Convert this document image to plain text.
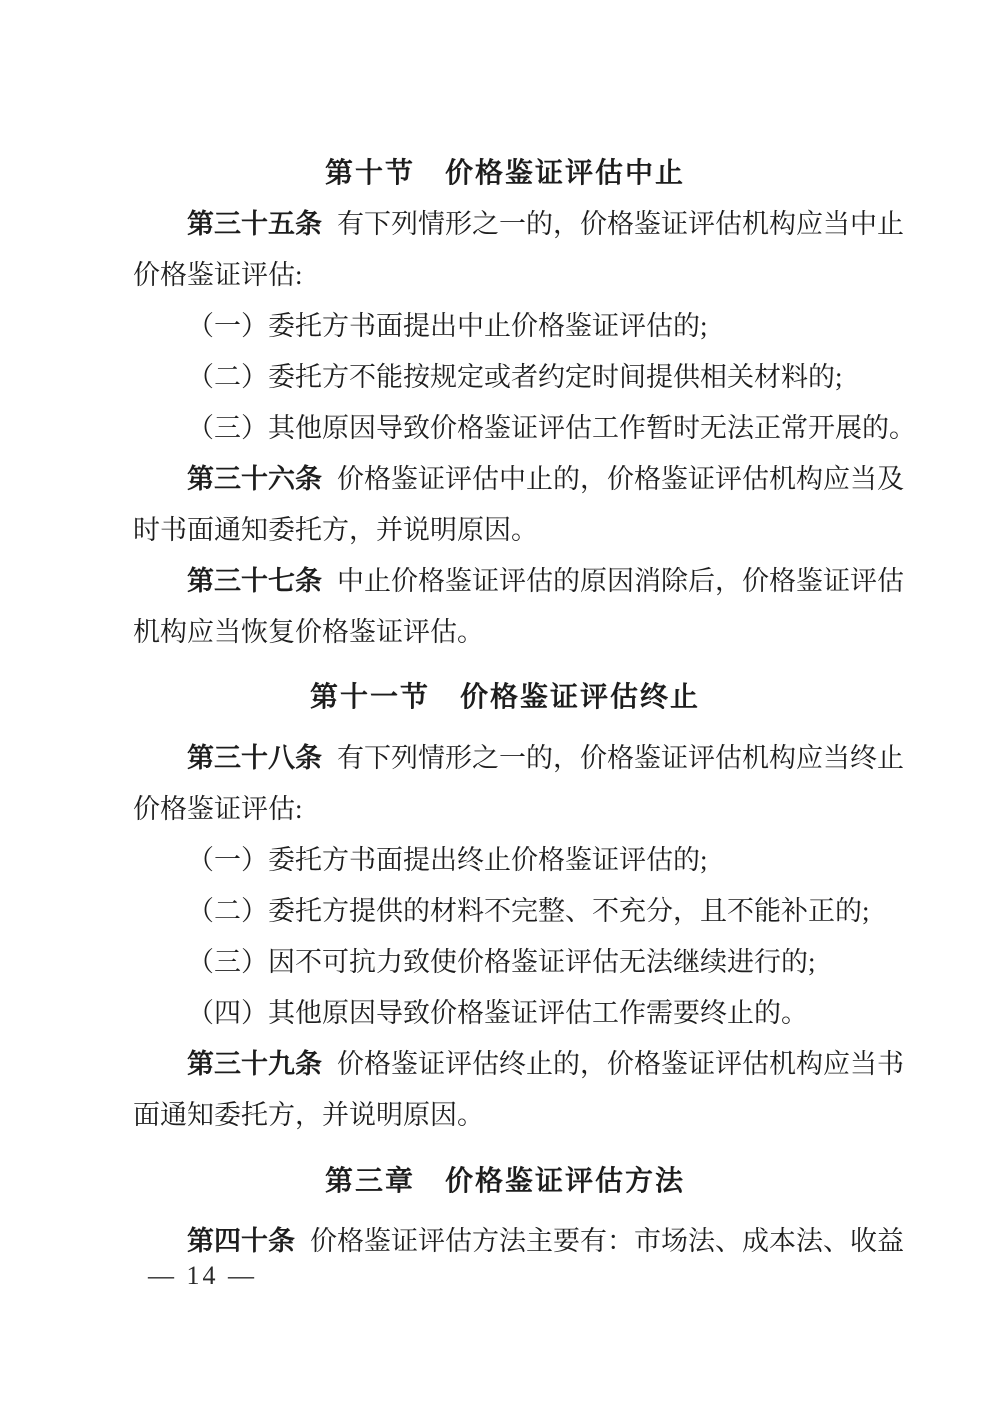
第十节　价格鉴证评估中止
第三十五条 有下列情形之一的，价格鉴证评估机构应当中止
价格鉴证评估:
（一）委托方书面提出中止价格鉴证评估的;
（二）委托方不能按规定或者约定时间提供相关材料的;
（三）其他原因导致价格鉴证评估工作暂时无法正常开展的。
第三十六条 价格鉴证评估中止的，价格鉴证评估机构应当及
时书面通知委托方，并说明原因。
第三十七条 中止价格鉴证评估的原因消除后，价格鉴证评估
机构应当恢复价格鉴证评估。
第十一节　价格鉴证评估终止
第三十八条 有下列情形之一的，价格鉴证评估机构应当终止
价格鉴证评估:
（一）委托方书面提出终止价格鉴证评估的;
（二）委托方提供的材料不完整、不充分，且不能补正的;
（三）因不可抗力致使价格鉴证评估无法继续进行的;
（四）其他原因导致价格鉴证评估工作需要终止的。
第三十九条 价格鉴证评估终止的，价格鉴证评估机构应当书
面通知委托方，并说明原因。
第三章　价格鉴证评估方法
第四十条 价格鉴证评估方法主要有：市场法、成本法、收益
— 14 —
